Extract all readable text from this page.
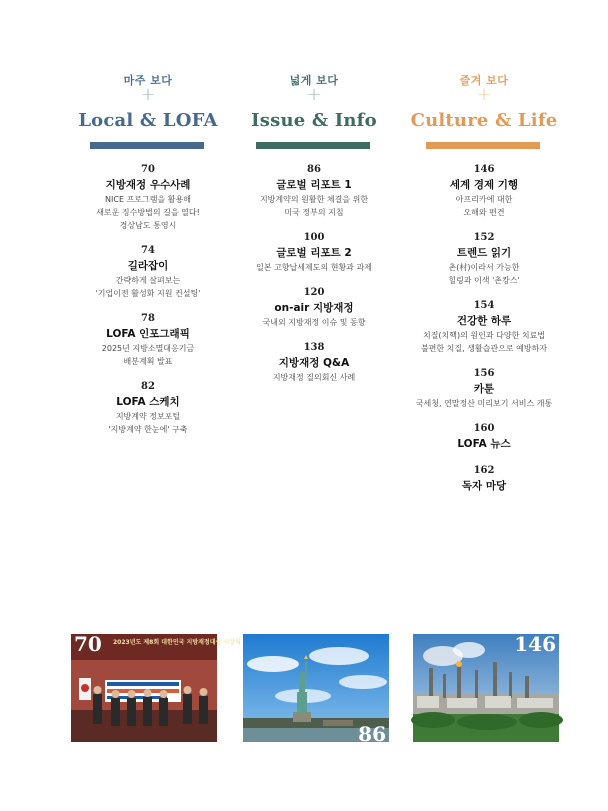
마주 보다
+
Local & LOFA
70
지방재정 우수사례
NICE 프로그램을 활용해
새로운 징수방법의 길을 열다!
경상남도 통영시
74
길라잡이
간략하게 살펴보는
'기업이전 활성화 지원 컨설팅'
78
LOFA 인포그래픽
2025년 지방소멸대응기금
배분계획 발표
82
LOFA 스케치
지방계약 정보포털
'지방계약 한눈에' 구축
넓게 보다
+
Issue & Info
86
글로벌 리포트 1
지방계약의 원활한 체결을 위한
미국 정부의 지침
100
글로벌 리포트 2
일본 고향납세제도의 현황과 과제
120
on-air 지방재정
국내외 지방재정 이슈 및 동향
138
지방재정 Q&A
지방재정 질의회신 사례
즐겨 보다
+
Culture & Life
146
세계 경제 기행
아프리카에 대한
오해와 편견
152
트렌드 읽기
촌(村)이라서 가능한
힐링과 이색 '촌캉스'
154
건강한 하루
치질(치핵)의 원인과 다양한 치료법
불편한 치질, 생활습관으로 예방하자
156
카툰
국세청, 연말정산 미리보기 서비스 개통
160
LOFA 뉴스
162
독자 마당
2023년도 제8회 대한민국 지방재정대상 시상식
70
86
146
